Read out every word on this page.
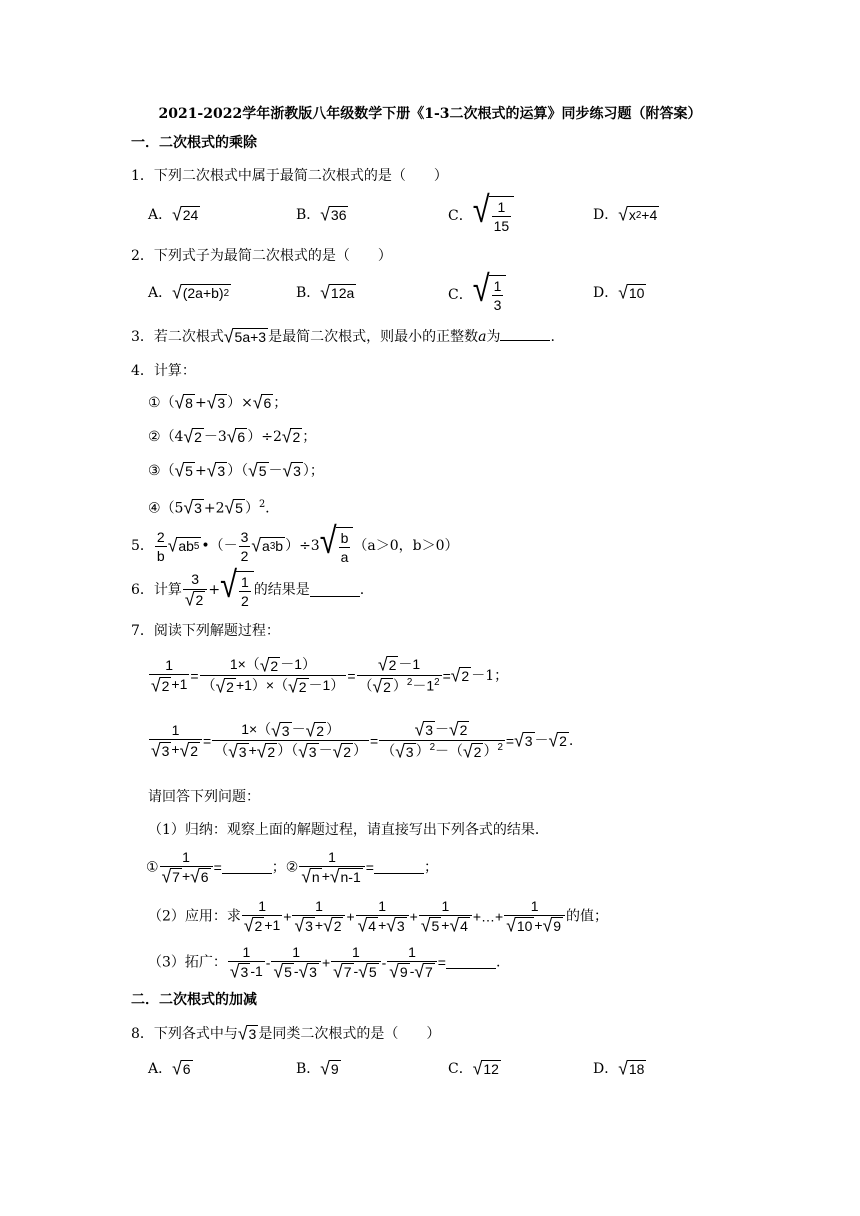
2021-2022学年浙教版八年级数学下册《1-3二次根式的运算》同步练习题（附答案）
一．二次根式的乘除
1．下列二次根式中属于最简二次根式的是（　　）
A． √ 24	B． √ 36	C． √ $\frac{1}{15}$	D． √ x 2 +4
2．下列式子为最简二次根式的是（　　）
A． √ (2a+b) 2	B． √ 12a	C． √ $\frac{1}{3}$	D． √ 10
3．若二次根式 √ 5a+3 是最简二次根式，则最小的正整数a为	.
4．计算：
①（ √ 8 + √ 3 ）× √ 6 ；
②（4 √ 2 －3 √ 6 ）÷2 √ 2 ；
③（ √ 5 + √ 3 ）（ √ 5 － √ 3 ）；
④（5 √ 3 +2 √ 5 ）$^2$.
5． $\frac{2}{b}$ √ ab 5 •（－ $\frac{3}{2}$ √ a 3 b ）÷3 √ $\frac{b}{a} (a>0$，b＞0）
6．计算 $\frac{3}{√ 2}$ + √ $\frac{1}{2}$ 的结果是	.
7．阅读下列解题过程：
$\frac{1}{√ 2 +1} = \frac{1\times( √ 2 -1)}{( √ 2 +1)\times( √ 2 -1)} = \frac{√ 2 -1}{( √ 2 )^2-1^2}$ = √ 2 －1；
$\frac{1}{√ 3 + √ 2} = \frac{1\times( √ 3 - √ 2 )}{( √ 3 + √ 2 )( √ 3 - √ 2 )} = \frac{√ 3 - √ 2}{( √ 3 )^2-( √ 2 )^2}$ = √ 3 － √ 2 .
请回答下列问题：
（1）归纳：观察上面的解题过程，请直接写出下列各式的结果．
① $\frac{1}{√ 7 + √ 6}$ =	；② $\frac{1}{√ n + √ n-1}$ =	；
（2）应用：求 $\frac{1}{√ 2 +1} + \frac{1}{√ 3 + √ 2} + \frac{1}{√ 4 + √ 3} + \frac{1}{√ 5 + √ 4}$ +…+ $\frac{1}{√ 10 + √ 9}$ 的值；
（3）拓广： $\frac{1}{√ 3 -1} - \frac{1}{√ 5 - √ 3} + \frac{1}{√ 7 - √ 5} - \frac{1}{√ 9 - √ 7}$ =	.
二．二次根式的加减
8．下列各式中与 √ 3 是同类二次根式的是（　　）
A． √ 6	B． √ 9	C． √ 12	D． √ 18
